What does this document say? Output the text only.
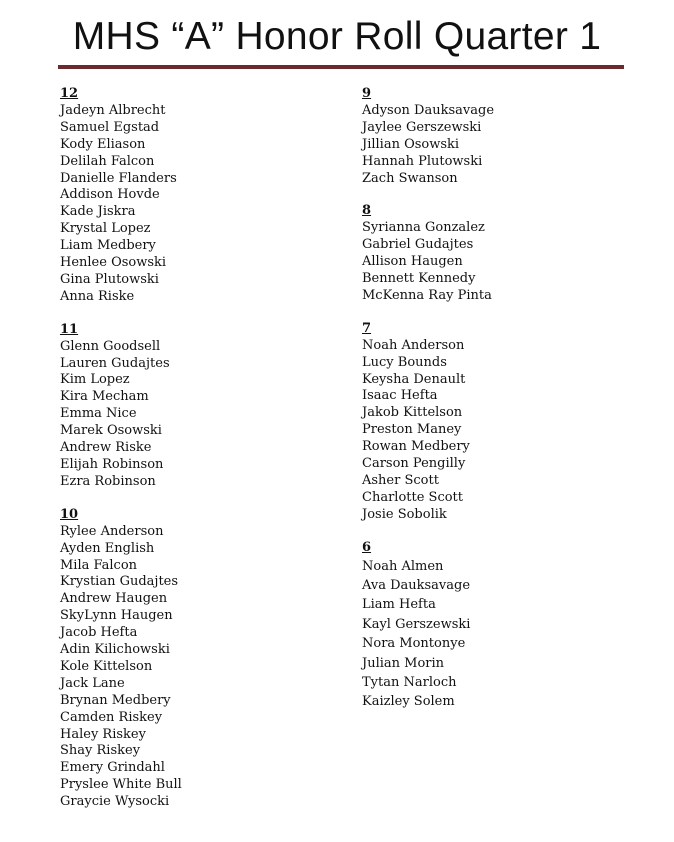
MHS “A” Honor Roll Quarter 1
12
Jadeyn Albrecht
Samuel Egstad
Kody Eliason
Delilah Falcon
Danielle Flanders
Addison Hovde
Kade Jiskra
Krystal Lopez
Liam Medbery
Henlee Osowski
Gina Plutowski
Anna Riske
11
Glenn Goodsell
Lauren Gudajtes
Kim Lopez
Kira Mecham
Emma Nice
Marek Osowski
Andrew Riske
Elijah Robinson
Ezra Robinson
10
Rylee Anderson
Ayden English
Mila Falcon
Krystian Gudajtes
Andrew Haugen
SkyLynn Haugen
Jacob Hefta
Adin Kilichowski
Kole Kittelson
Jack Lane
Brynan Medbery
Camden Riskey
Haley Riskey
Shay Riskey
Emery Grindahl
Pryslee White Bull
Graycie Wysocki
9
Adyson Dauksavage
Jaylee Gerszewski
Jillian Osowski
Hannah Plutowski
Zach Swanson
8
Syrianna Gonzalez
Gabriel Gudajtes
Allison Haugen
Bennett Kennedy
McKenna Ray Pinta
7
Noah Anderson
Lucy Bounds
Keysha Denault
Isaac Hefta
Jakob Kittelson
Preston Maney
Rowan Medbery
Carson Pengilly
Asher Scott
Charlotte Scott
Josie Sobolik
6
Noah Almen
Ava Dauksavage
Liam Hefta
Kayl Gerszewski
Nora Montonye
Julian Morin
Tytan Narloch
Kaizley Solem
